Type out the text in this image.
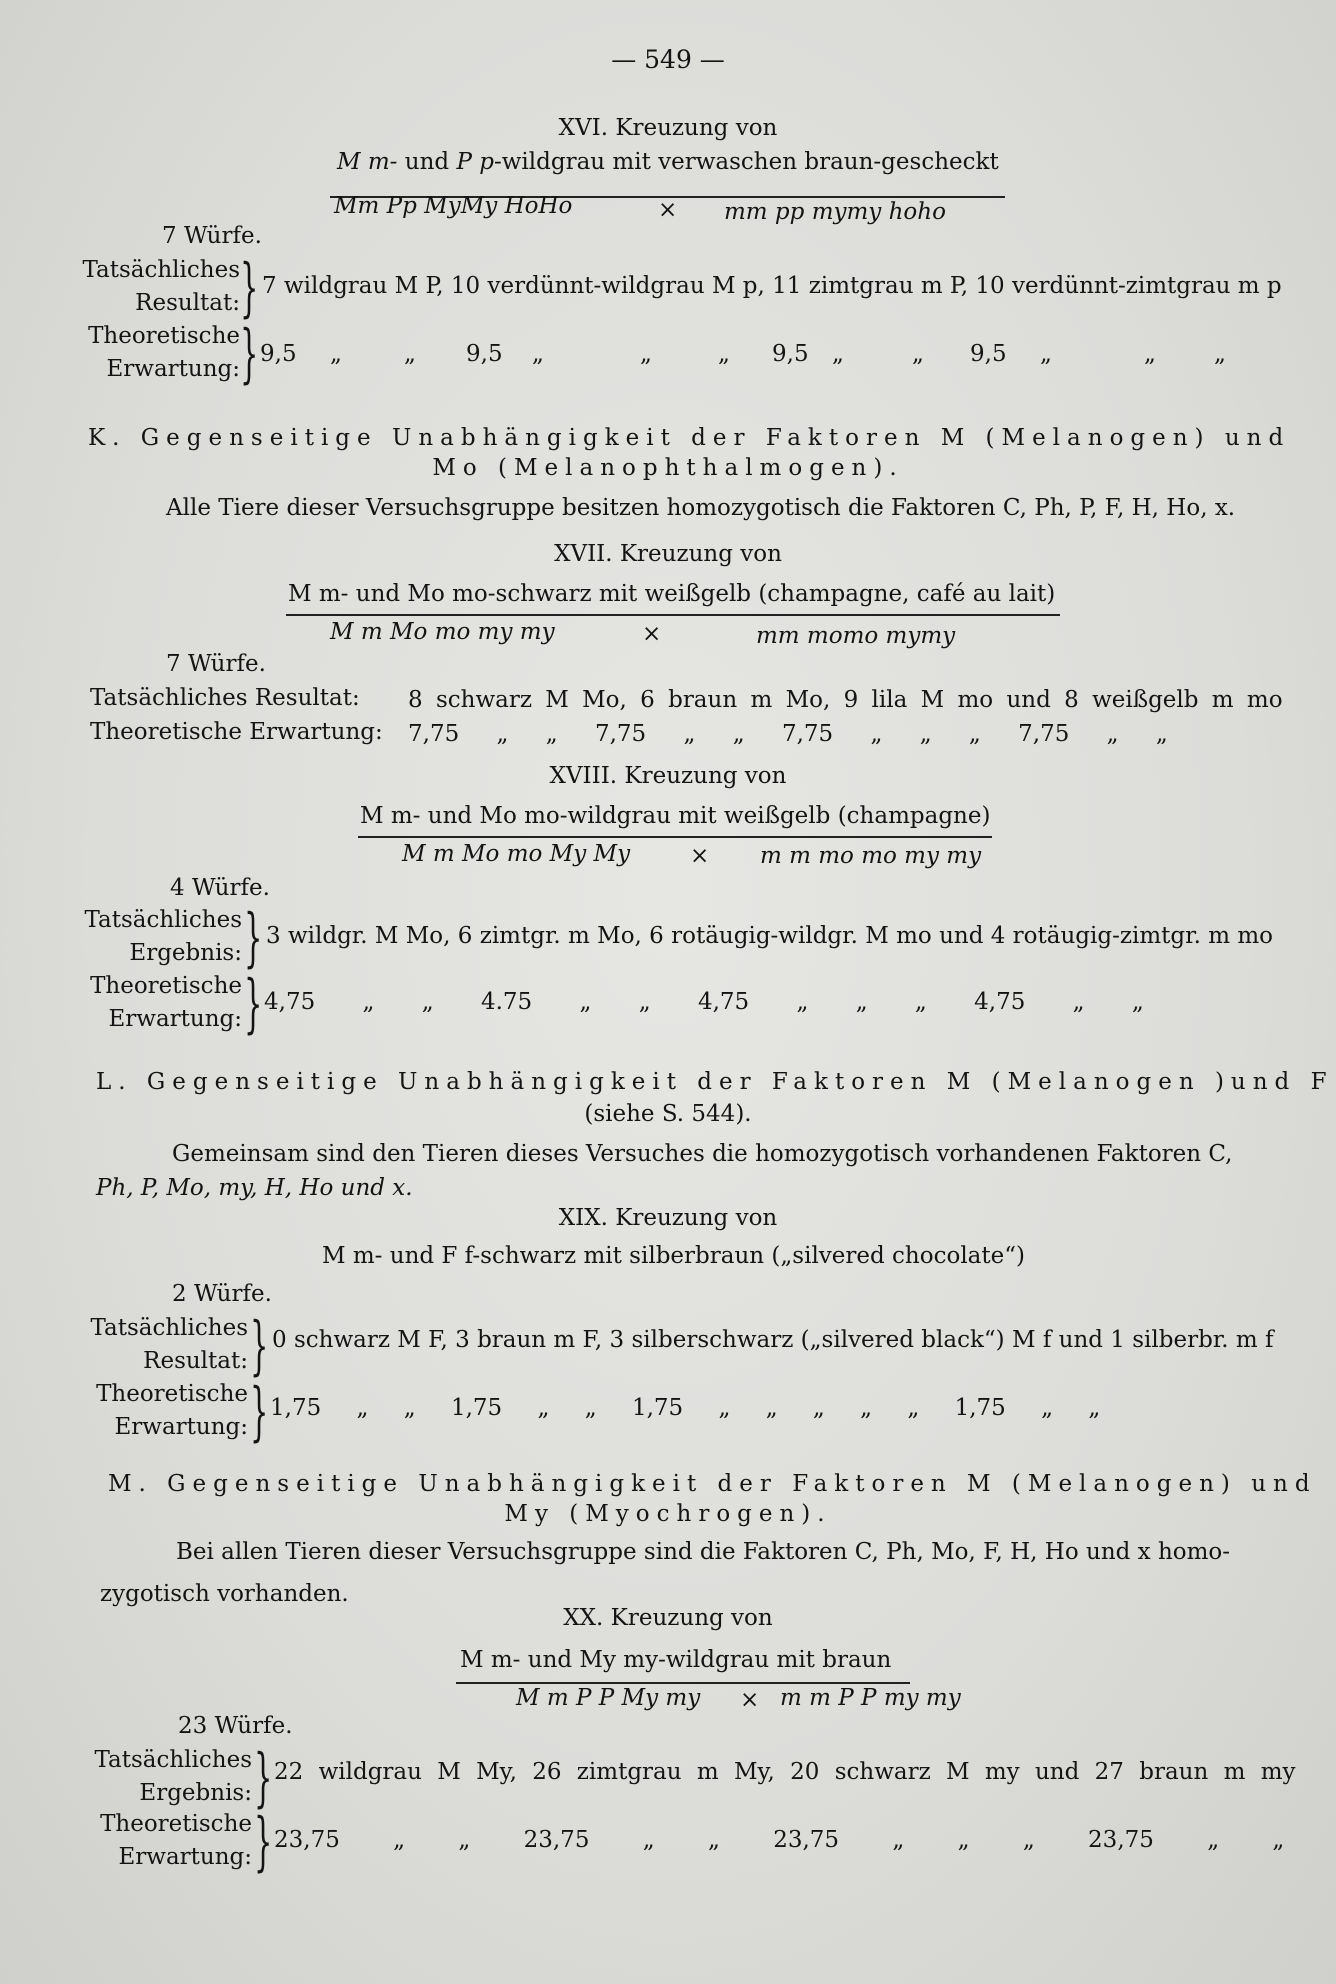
— 549 —
XVI. Kreuzung von
M m- und P p-wildgrau mit verwaschen braun-gescheckt
Mm Pp MyMy HoHo	× mm pp mymy hoho
7 Würfe.
Tatsächliches
Resultat: } 7 wildgrau M P, 10 verdünnt-wildgrau M p, 11 zimtgrau m P, 10 verdünnt-zimtgrau m p
Theoretische
Erwartung: } 9,5 „	„ 9,5 „	„	„ 9,5 „	„ 9,5 „	„	„
K. Gegenseitige Unabhängigkeit der Faktoren M (Melanogen) und
Mo (Melanophthalmogen).
Alle Tiere dieser Versuchsgruppe besitzen homozygotisch die Faktoren C, Ph, P, F, H, Ho, x.
XVII. Kreuzung von
M m- und Mo mo-schwarz mit weißgelb (champagne, café au lait)
M m Mo mo my my	×	mm momo mymy
7 Würfe.
Tatsächliches Resultat: 8 schwarz M Mo, 6 braun m Mo, 9 lila M mo und 8 weißgelb m mo
Theoretische Erwartung: 7,75 „ „ 7,75 „ „ 7,75 „ „ „ 7,75 „ „
XVIII. Kreuzung von
M m- und Mo mo-wildgrau mit weißgelb (champagne)
M m Mo mo My My	× m m mo mo my my
4 Würfe.
Tatsächliches
Ergebnis: } 3 wildgr. M Mo, 6 zimtgr. m Mo, 6 rotäugig-wildgr. M mo und 4 rotäugig-zimtgr. m mo
Theoretische
Erwartung: } 4,75 „ „ 4.75 „ „ 4,75 „ „ „ 4,75 „ „
L. Gegenseitige Unabhängigkeit der Faktoren M (Melanogen )und F
(siehe S. 544).
Gemeinsam sind den Tieren dieses Versuches die homozygotisch vorhandenen Faktoren C,
Ph, P, Mo, my, H, Ho und x.
XIX. Kreuzung von
M m- und F f-schwarz mit silberbraun („silvered chocolate“)
2 Würfe.
Tatsächliches
Resultat: } 0 schwarz M F, 3 braun m F, 3 silberschwarz („silvered black“) M f und 1 silberbr. m f
Theoretische
Erwartung: } 1,75 „ „ 1,75 „ „ 1,75 „ „ „ „ „ 1,75 „ „
M. Gegenseitige Unabhängigkeit der Faktoren M (Melanogen) und
My (Myochrogen).
Bei allen Tieren dieser Versuchsgruppe sind die Faktoren C, Ph, Mo, F, H, Ho und x homo-
zygotisch vorhanden.
XX. Kreuzung von
M m- und My my-wildgrau mit braun
M m P P My my × m m P P my my
23 Würfe.
Tatsächliches
Ergebnis: } 22 wildgrau M My, 26 zimtgrau m My, 20 schwarz M my und 27 braun m my
Theoretische
Erwartung: } 23,75 „ „ 23,75 „ „ 23,75 „ „ „ 23,75 „ „
